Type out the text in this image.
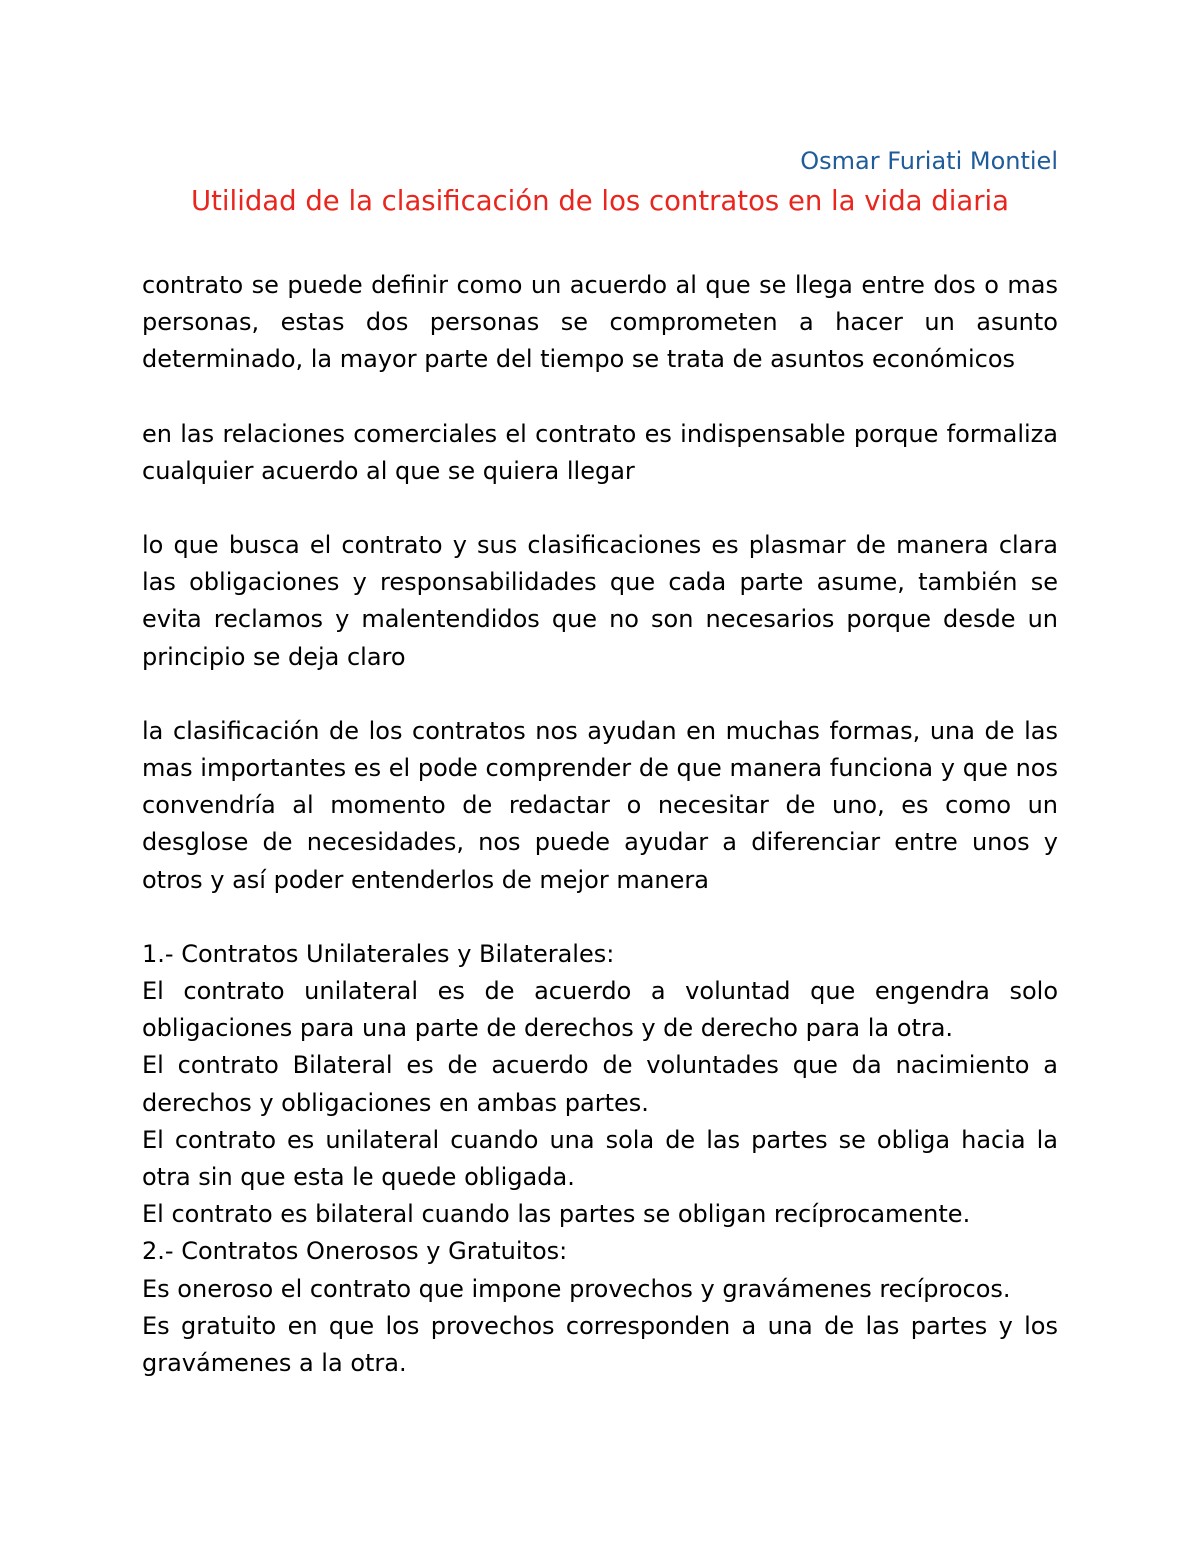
Osmar Furiati Montiel

Utilidad de la clasificación de los contratos en la vida diaria

contrato se puede definir como un acuerdo al que se llega entre dos o mas personas, estas dos personas se comprometen a hacer un asunto determinado, la mayor parte del tiempo se trata de asuntos económicos

en las relaciones comerciales el contrato es indispensable porque formaliza cualquier acuerdo al que se quiera llegar

lo que busca el contrato y sus clasificaciones es plasmar de manera clara las obligaciones y responsabilidades que cada parte asume, también se evita reclamos y malentendidos que no son necesarios porque desde un principio se deja claro

la clasificación de los contratos nos ayudan en muchas formas, una de las mas importantes es el pode comprender de que manera funciona y que nos convendría al momento de redactar o necesitar de uno, es como un desglose de necesidades, nos puede ayudar a diferenciar entre unos y otros y así poder entenderlos de mejor manera

1.- Contratos Unilaterales y Bilaterales:

El contrato unilateral es de acuerdo a voluntad que engendra solo obligaciones para una parte de derechos y de derecho para la otra.

El contrato Bilateral es de acuerdo de voluntades que da nacimiento a derechos y obligaciones en ambas partes.

El contrato es unilateral cuando una sola de las partes se obliga hacia la otra sin que esta le quede obligada.

El contrato es bilateral cuando las partes se obligan recíprocamente.

2.- Contratos Onerosos y Gratuitos:

Es oneroso el contrato que impone provechos y gravámenes recíprocos.

Es gratuito en que los provechos corresponden a una de las partes y los gravámenes a la otra.
